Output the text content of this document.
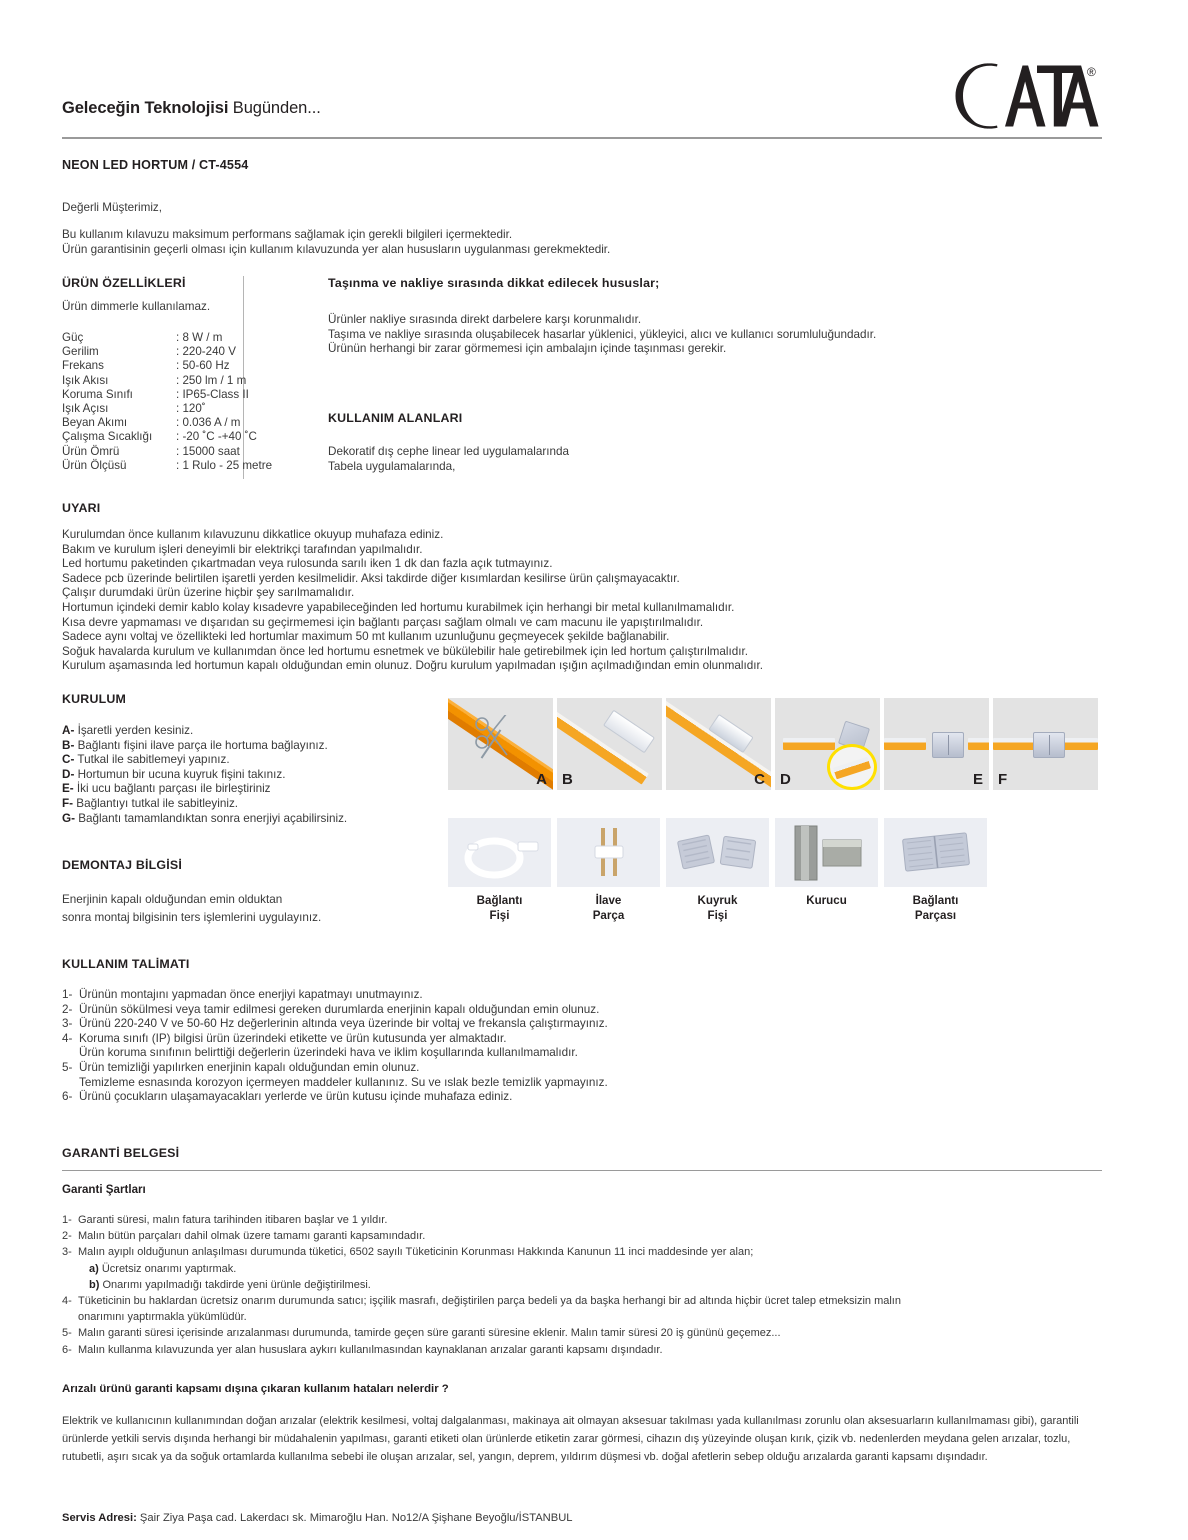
Geleceğin Teknolojisi Bugünden...
®
NEON LED HORTUM / CT-4554
Değerli Müşterimiz,
Bu kullanım kılavuzu maksimum performans sağlamak için gerekli bilgileri içermektedir.
Ürün garantisinin geçerli olması için kullanım kılavuzunda yer alan hususların uygulanması gerekmektedir.
ÜRÜN ÖZELLİKLERİ
Ürün dimmerle kullanılamaz.
Güç	: 8 W / m
Gerilim	: 220-240 V
Frekans	: 50-60 Hz
Işık Akısı	: 250 lm / 1 m
Koruma Sınıfı	: IP65-Class II
Işık Açısı	: 120˚
Beyan Akımı	: 0.036 A / m
Çalışma Sıcaklığı	: -20 ˚C -+40 ˚C
Ürün Ömrü	: 15000 saat
Ürün Ölçüsü	: 1 Rulo - 25 metre
Taşınma ve nakliye sırasında dikkat edilecek hususlar;
Ürünler nakliye sırasında direkt darbelere karşı korunmalıdır.
Taşıma ve nakliye sırasında oluşabilecek hasarlar yüklenici, yükleyici, alıcı ve kullanıcı sorumluluğundadır.
Ürünün herhangi bir zarar görmemesi için ambalajın içinde taşınması gerekir.
KULLANIM ALANLARI
Dekoratif dış cephe linear led uygulamalarında
Tabela uygulamalarında,
UYARI
Kurulumdan önce kullanım kılavuzunu dikkatlice okuyup muhafaza ediniz.
Bakım ve kurulum işleri deneyimli bir elektrikçi tarafından yapılmalıdır.
Led hortumu paketinden çıkartmadan veya rulosunda sarılı iken 1 dk dan fazla açık tutmayınız.
Sadece pcb üzerinde belirtilen işaretli yerden kesilmelidir. Aksi takdirde diğer kısımlardan kesilirse ürün çalışmayacaktır.
Çalışır durumdaki ürün üzerine hiçbir şey sarılmamalıdır.
Hortumun içindeki demir kablo kolay kısadevre yapabileceğinden led hortumu kurabilmek için herhangi bir metal kullanılmamalıdır.
Kısa devre yapmaması ve dışarıdan su geçirmemesi için bağlantı parçası sağlam olmalı ve cam macunu ile yapıştırılmalıdır.
Sadece aynı voltaj ve özellikteki led hortumlar maximum 50 mt kullanım uzunluğunu geçmeyecek şekilde bağlanabilir.
Soğuk havalarda kurulum ve kullanımdan önce led hortumu esnetmek ve bükülebilir hale getirebilmek için led hortum çalıştırılmalıdır.
Kurulum aşamasında led hortumun kapalı olduğundan emin olunuz. Doğru kurulum yapılmadan ışığın açılmadığından emin olunmalıdır.
KURULUM
A- İşaretli yerden kesiniz.
B- Bağlantı fişini ilave parça ile hortuma bağlayınız.
C- Tutkal ile sabitlemeyi yapınız.
D- Hortumun bir ucuna kuyruk fişini takınız.
E- İki ucu bağlantı parçası ile birleştiriniz
F- Bağlantıyı tutkal ile sabitleyiniz.
G- Bağlantı tamamlandıktan sonra enerjiyi açabilirsiniz.
DEMONTAJ BİLGİSİ
Enerjinin kapalı olduğundan emin olduktan
sonra montaj bilgisinin ters işlemlerini uygulayınız.
A B	C D	E F
Bağlantı
Fişi
İlave
Parça
Kuyruk
Fişi
Kurucu	Bağlantı
Parçası
KULLANIM TALİMATI
1- Ürünün montajını yapmadan önce enerjiyi kapatmayı unutmayınız.
2- Ürünün sökülmesi veya tamir edilmesi gereken durumlarda enerjinin kapalı olduğundan emin olunuz.
3- Ürünü 220-240 V ve 50-60 Hz değerlerinin altında veya üzerinde bir voltaj ve frekansla çalıştırmayınız.
4- Koruma sınıfı (IP) bilgisi ürün üzerindeki etikette ve ürün kutusunda yer almaktadır.
Ürün koruma sınıfının belirttiği değerlerin üzerindeki hava ve iklim koşullarında kullanılmamalıdır.
5- Ürün temizliği yapılırken enerjinin kapalı olduğundan emin olunuz.
Temizleme esnasında korozyon içermeyen maddeler kullanınız. Su ve ıslak bezle temizlik yapmayınız.
6- Ürünü çocukların ulaşamayacakları yerlerde ve ürün kutusu içinde muhafaza ediniz.
GARANTİ BELGESİ
Garanti Şartları
1- Garanti süresi, malın fatura tarihinden itibaren başlar ve 1 yıldır.
2- Malın bütün parçaları dahil olmak üzere tamamı garanti kapsamındadır.
3- Malın ayıplı olduğunun anlaşılması durumunda tüketici, 6502 sayılı Tüketicinin Korunması Hakkında Kanunun 11 inci maddesinde yer alan;
a) Ücretsiz onarımı yaptırmak.
b) Onarımı yapılmadığı takdirde yeni ürünle değiştirilmesi.
4- Tüketicinin bu haklardan ücretsiz onarım durumunda satıcı; işçilik masrafı, değiştirilen parça bedeli ya da başka herhangi bir ad altında hiçbir ücret talep etmeksizin malın
onarımını yaptırmakla yükümlüdür.
5- Malın garanti süresi içerisinde arızalanması durumunda, tamirde geçen süre garanti süresine eklenir. Malın tamir süresi 20 iş gününü geçemez...
6- Malın kullanma kılavuzunda yer alan hususlara aykırı kullanılmasından kaynaklanan arızalar garanti kapsamı dışındadır.
Arızalı ürünü garanti kapsamı dışına çıkaran kullanım hataları nelerdir ?
Elektrik ve kullanıcının kullanımından doğan arızalar (elektrik kesilmesi, voltaj dalgalanması, makinaya ait olmayan aksesuar takılması yada kullanılması zorunlu olan aksesuarların kullanılmaması gibi), garantili ürünlerde yetkili servis dışında herhangi bir müdahalenin yapılması, garanti etiketi olan ürünlerde etiketin zarar görmesi, cihazın dış yüzeyinde oluşan kırık, çizik vb. nedenlerden meydana gelen arızalar, tozlu, rutubetli, aşırı sıcak ya da soğuk ortamlarda kullanılma sebebi ile oluşan arızalar, sel, yangın, deprem, yıldırım düşmesi vb. doğal afetlerin sebep olduğu arızalarda garanti kapsamı dışındadır.
Servis Adresi: Şair Ziya Paşa cad. Lakerdacı sk. Mimaroğlu Han. No12/A Şişhane Beyoğlu/İSTANBUL
